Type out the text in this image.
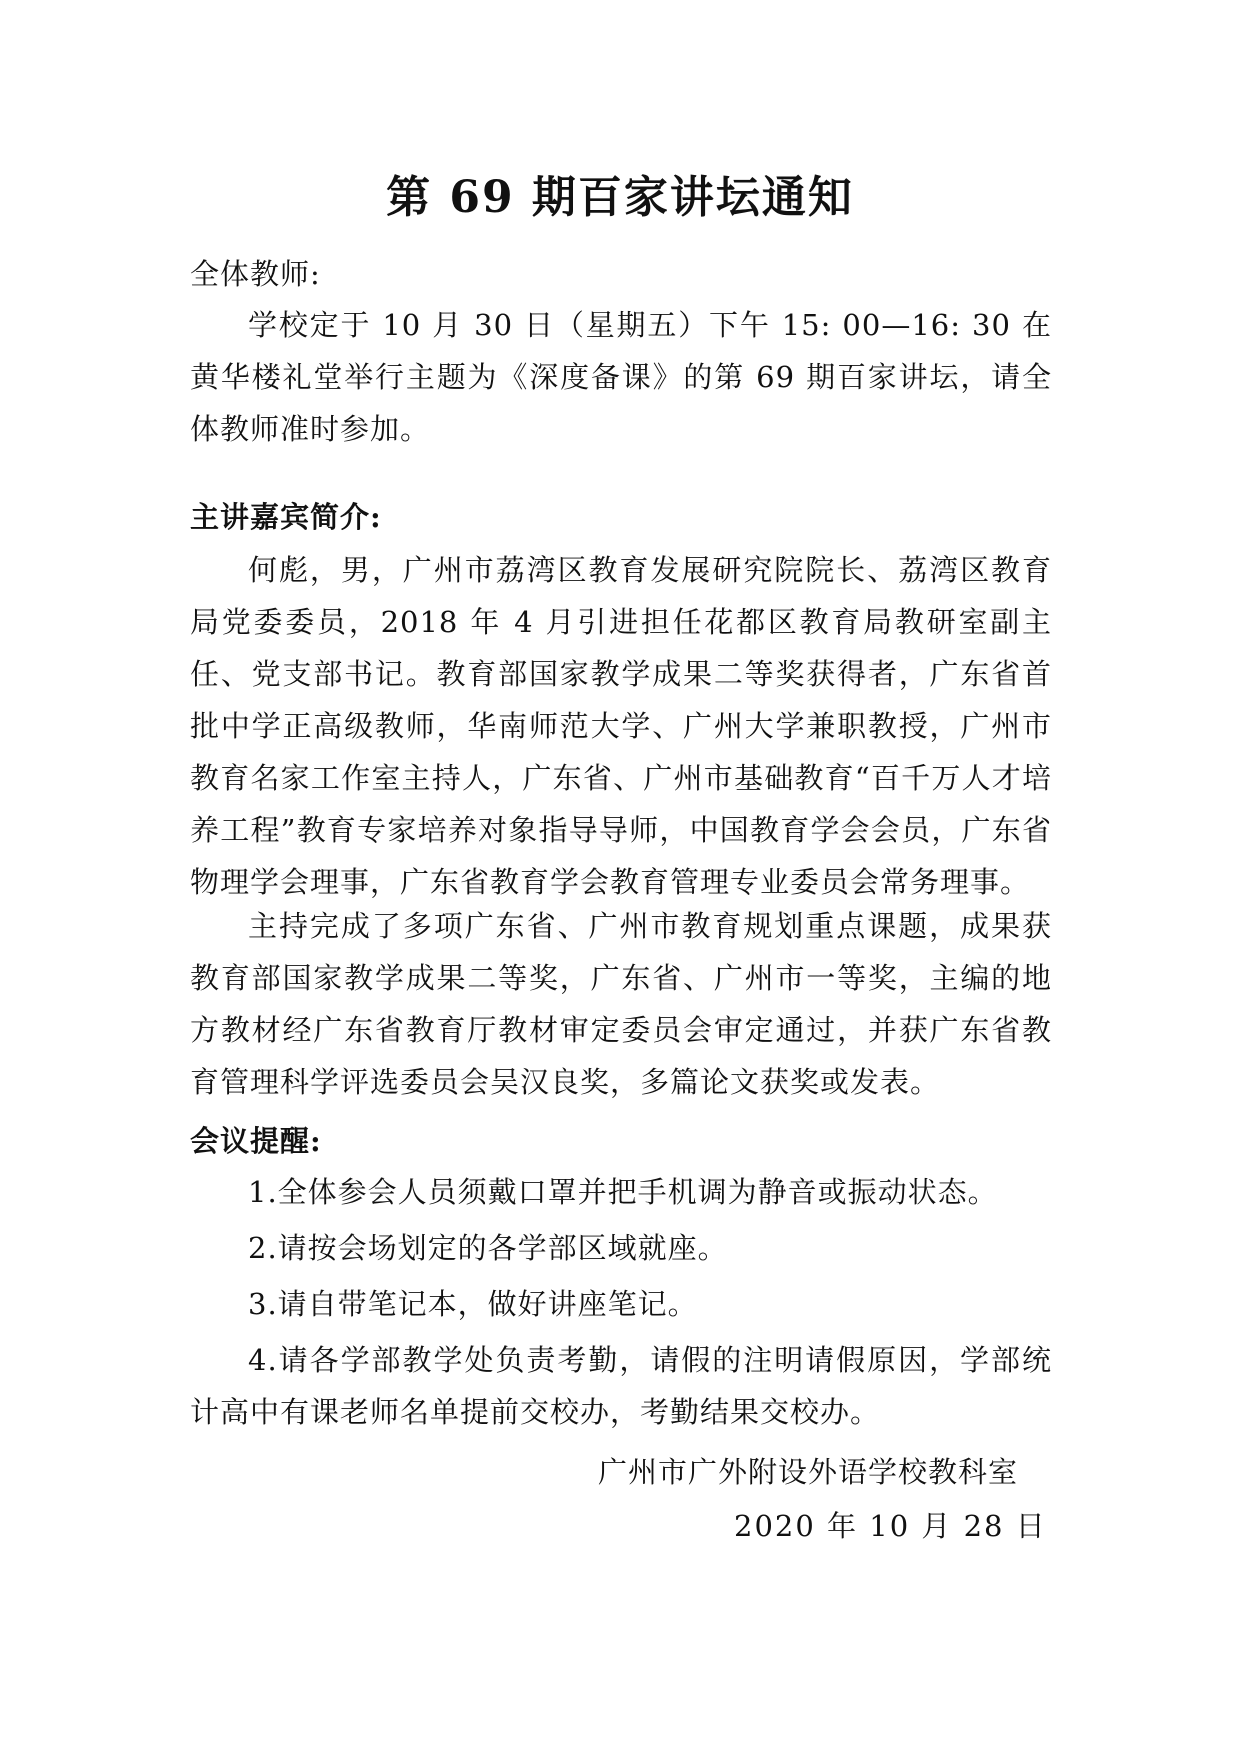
第 69 期百家讲坛通知

全体教师:

学校定于 10 月 30 日（星期五）下午 15: 00—16: 30 在黄华楼礼堂举行主题为《深度备课》的第 69 期百家讲坛，请全体教师准时参加。

主讲嘉宾简介:

何彪，男，广州市荔湾区教育发展研究院院长、荔湾区教育局党委委员，2018 年 4 月引进担任花都区教育局教研室副主任、党支部书记。教育部国家教学成果二等奖获得者，广东省首批中学正高级教师，华南师范大学、广州大学兼职教授，广州市教育名家工作室主持人，广东省、广州市基础教育“百千万人才培养工程”教育专家培养对象指导导师，中国教育学会会员，广东省物理学会理事，广东省教育学会教育管理专业委员会常务理事。

主持完成了多项广东省、广州市教育规划重点课题，成果获教育部国家教学成果二等奖，广东省、广州市一等奖，主编的地方教材经广东省教育厅教材审定委员会审定通过，并获广东省教育管理科学评选委员会吴汉良奖，多篇论文获奖或发表。

会议提醒:

1.全体参会人员须戴口罩并把手机调为静音或振动状态。

2.请按会场划定的各学部区域就座。

3.请自带笔记本，做好讲座笔记。

4.请各学部教学处负责考勤，请假的注明请假原因，学部统计高中有课老师名单提前交校办，考勤结果交校办。

广州市广外附设外语学校教科室
2020 年 10 月 28 日
